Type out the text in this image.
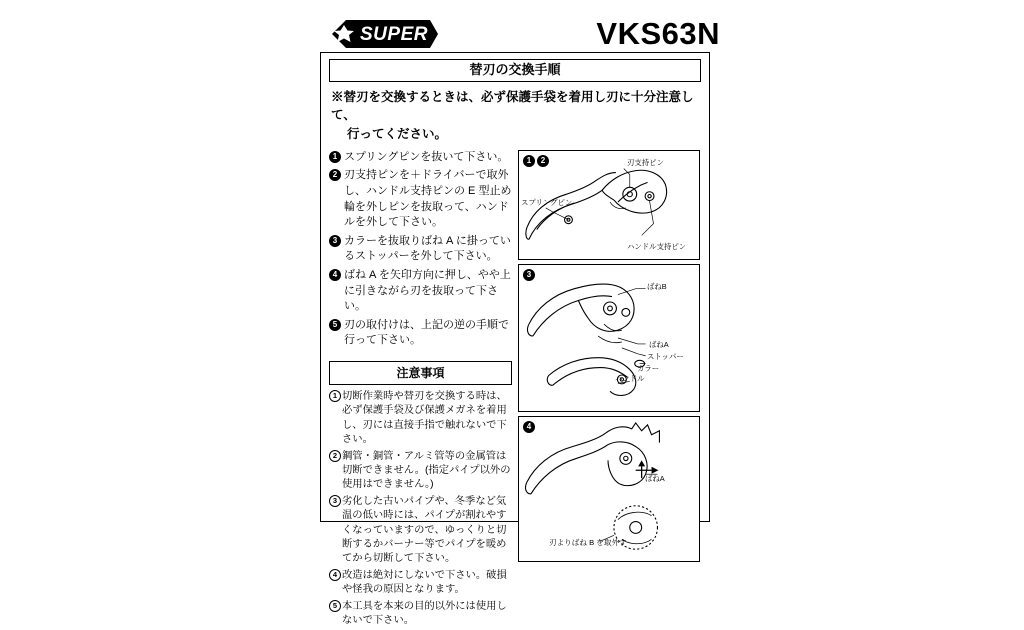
SUPER	VKS63N
替刃の交換手順
※替刃を交換するときは、必ず保護手袋を着用し刃に十分注意して、
行ってください。
1 スプリングピンを抜いて下さい。
2 刃支持ピンを＋ドライバーで取外し、ハンドル支持ピンの E 型止め輪を外しピンを抜取って、ハンドルを外して下さい。
3 カラーを抜取りばね A に掛っているストッパーを外して下さい。
4 ばね A を矢印方向に押し、やや上に引きながら刃を抜取って下さい。
5 刃の取付けは、上記の逆の手順で行って下さい。
注意事項
1 切断作業時や替刃を交換する時は、必ず保護手袋及び保護メガネを着用し、刃には直接手指で触れないで下さい。
2 鋼管・銅管・アルミ管等の金属管は切断できません。(指定パイプ以外の使用はできません。)
3 劣化した古いパイプや、冬季など気温の低い時には、パイプが割れやすくなっていますので、ゆっくりと切断するかバーナー等でパイプを暖めてから切断して下さい。
4 改造は絶対にしないで下さい。破損や怪我の原因となります。
5 本工具を本来の目的以外には使用しないで下さい。
1	2	刃支持ピン
スプリングピン
ハンドル支持ピン
3
ばねB
ばねA
ストッパー
カラー
ハンドル
4
ばねA
刃よりばね B を取外す
